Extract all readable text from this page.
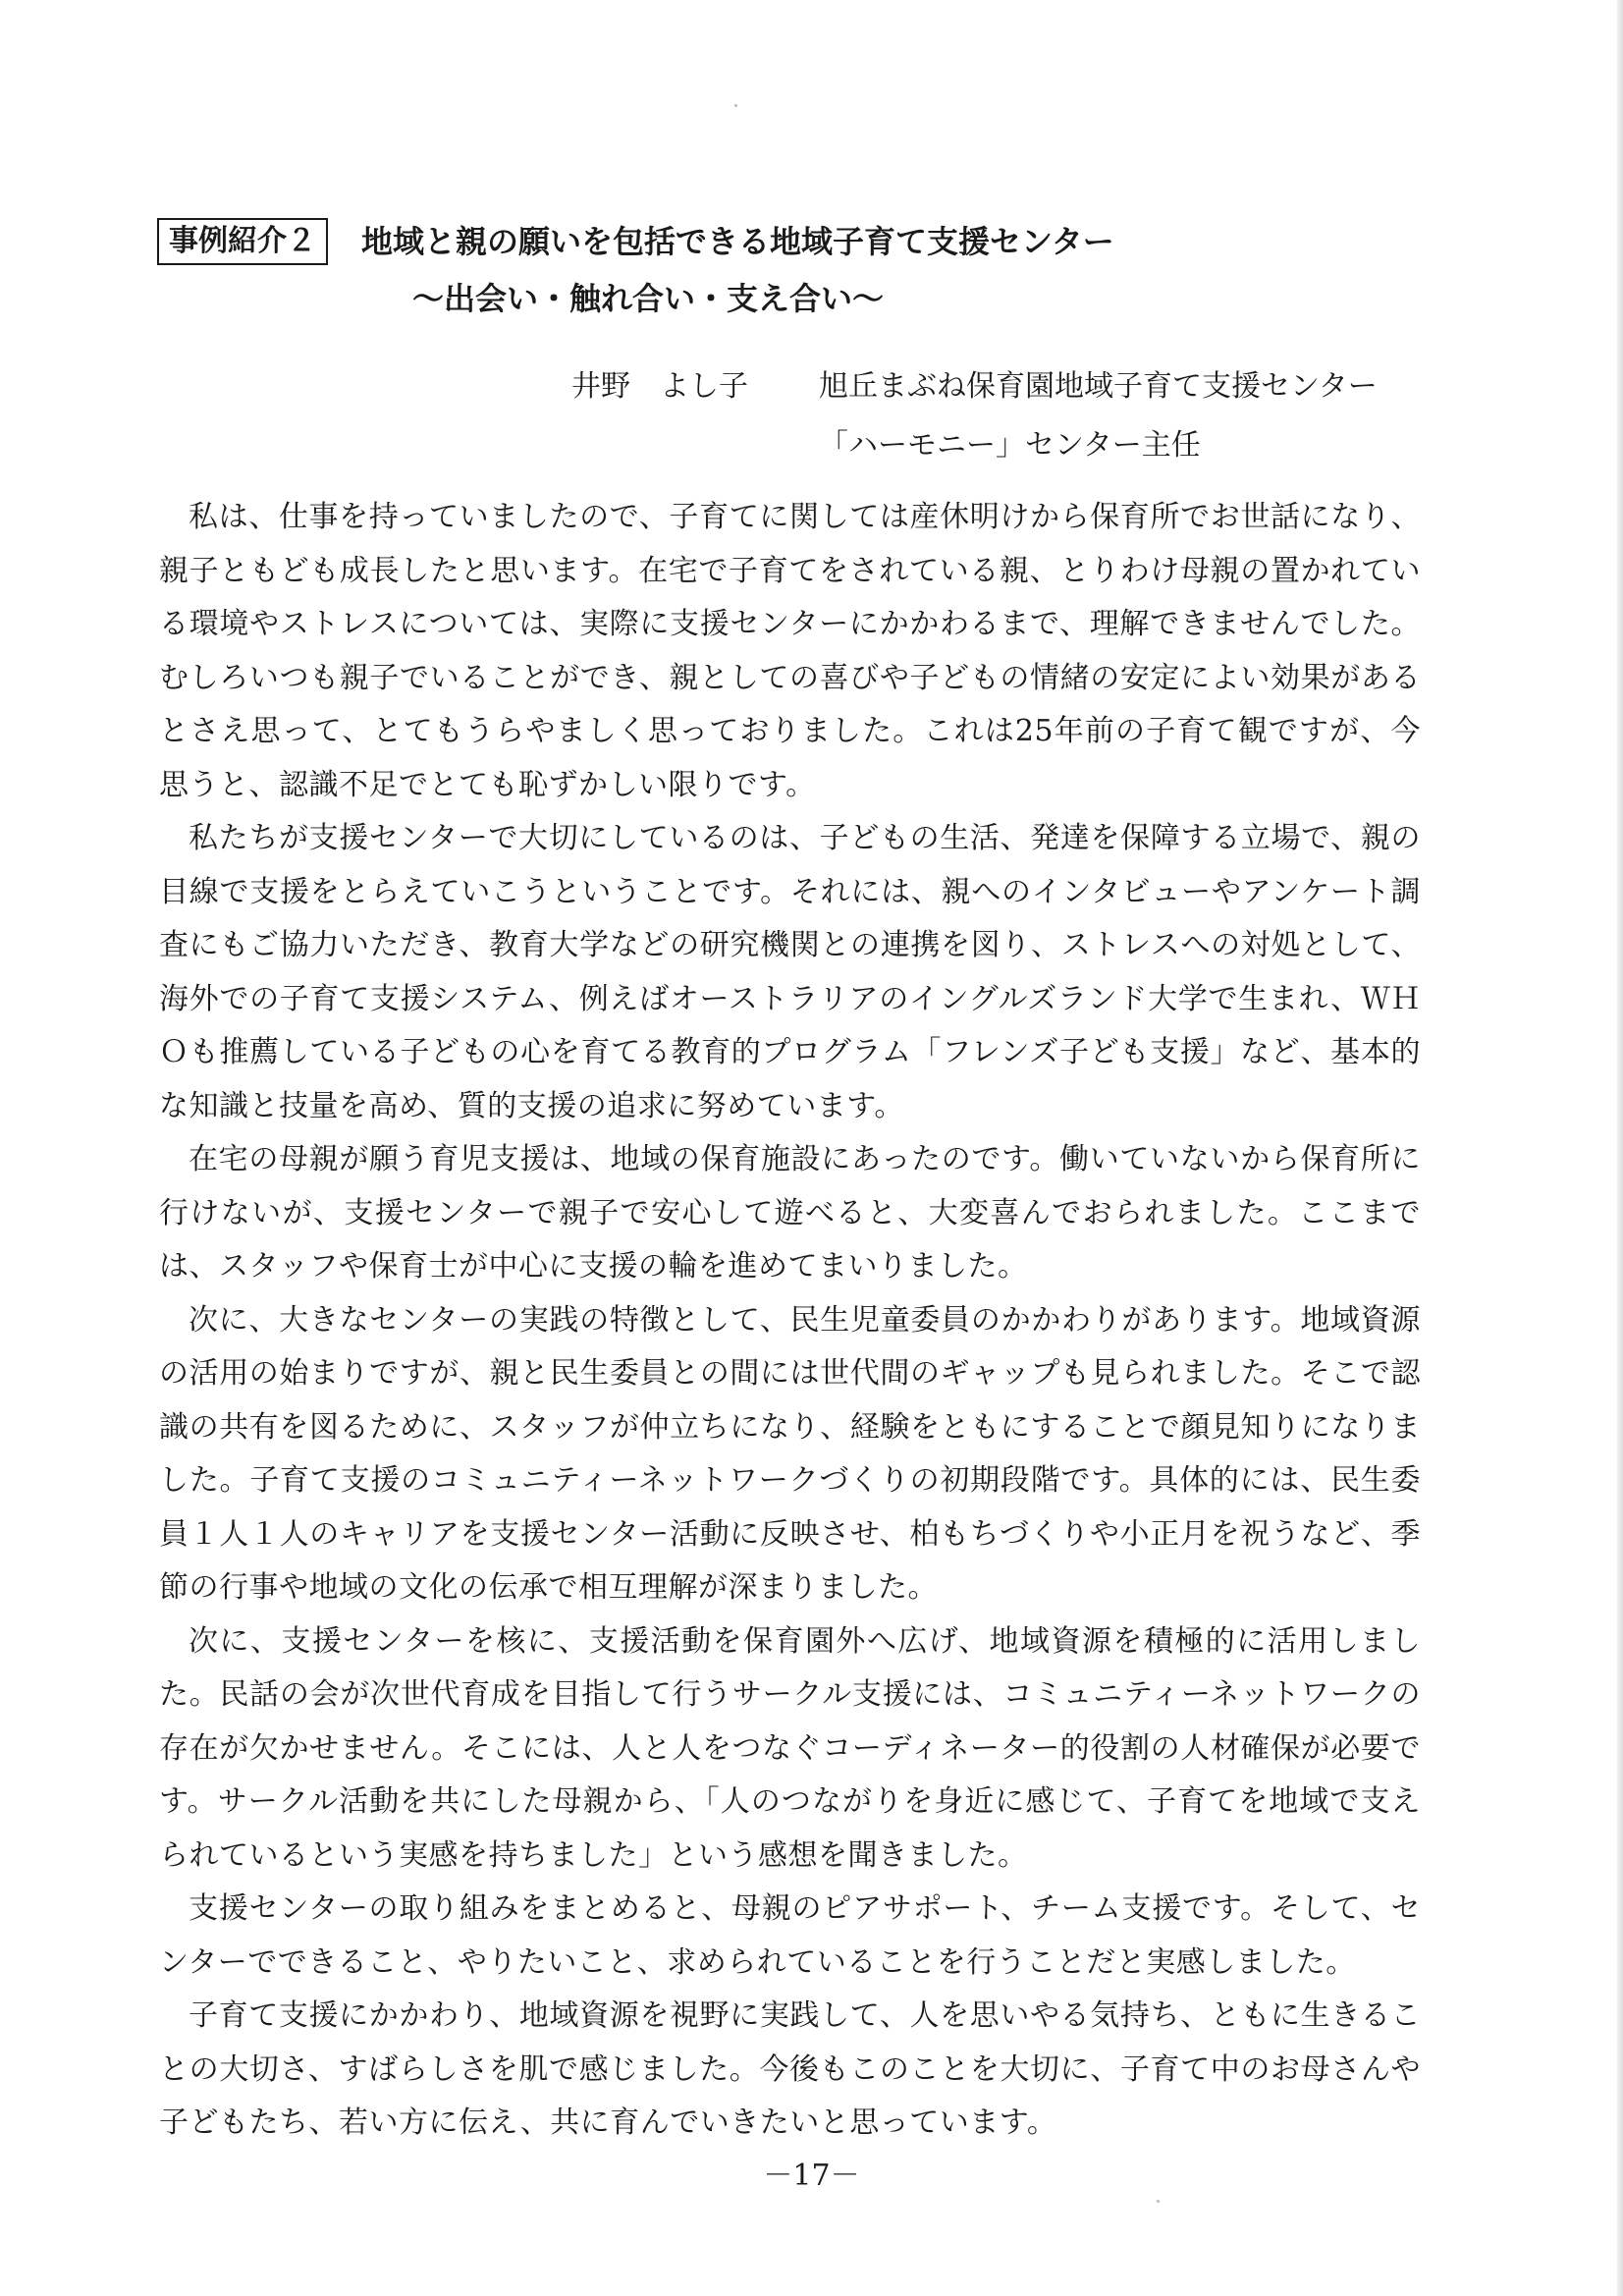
事例紹介２	地域と親の願いを包括できる地域子育て支援センター
〜出会い・触れ合い・支え合い〜
井野　よし子	旭丘まぶね保育園地域子育て支援センター
「ハーモニー」センター主任

私は、仕事を持っていましたので、子育てに関しては産休明けから保育所でお世話になり、親子ともども成長したと思います。在宅で子育てをされている親、とりわけ母親の置かれている環境やストレスについては、実際に支援センターにかかわるまで、理解できませんでした。むしろいつも親子でいることができ、親としての喜びや子どもの情緒の安定によい効果があるとさえ思って、とてもうらやましく思っておりました。これは25年前の子育て観ですが、今思うと、認識不足でとても恥ずかしい限りです。

私たちが支援センターで大切にしているのは、子どもの生活、発達を保障する立場で、親の目線で支援をとらえていこうということです。それには、親へのインタビューやアンケート調査にもご協力いただき、教育大学などの研究機関との連携を図り、ストレスへの対処として、海外での子育て支援システム、例えばオーストラリアのイングルズランド大学で生まれ、ＷＨＯも推薦している子どもの心を育てる教育的プログラム「フレンズ子ども支援」など、基本的な知識と技量を高め、質的支援の追求に努めています。

在宅の母親が願う育児支援は、地域の保育施設にあったのです。働いていないから保育所に行けないが、支援センターで親子で安心して遊べると、大変喜んでおられました。ここまでは、スタッフや保育士が中心に支援の輪を進めてまいりました。

次に、大きなセンターの実践の特徴として、民生児童委員のかかわりがあります。地域資源の活用の始まりですが、親と民生委員との間には世代間のギャップも見られました。そこで認識の共有を図るために、スタッフが仲立ちになり、経験をともにすることで顔見知りになりました。子育て支援のコミュニティーネットワークづくりの初期段階です。具体的には、民生委員１人１人のキャリアを支援センター活動に反映させ、柏もちづくりや小正月を祝うなど、季節の行事や地域の文化の伝承で相互理解が深まりました。

次に、支援センターを核に、支援活動を保育園外へ広げ、地域資源を積極的に活用しました。民話の会が次世代育成を目指して行うサークル支援には、コミュニティーネットワークの存在が欠かせません。そこには、人と人をつなぐコーディネーター的役割の人材確保が必要です。サークル活動を共にした母親から、「人のつながりを身近に感じて、子育てを地域で支えられているという実感を持ちました」という感想を聞きました。

支援センターの取り組みをまとめると、母親のピアサポート、チーム支援です。そして、センターでできること、やりたいこと、求められていることを行うことだと実感しました。

子育て支援にかかわり、地域資源を視野に実践して、人を思いやる気持ち、ともに生きることの大切さ、すばらしさを肌で感じました。今後もこのことを大切に、子育て中のお母さんや子どもたち、若い方に伝え、共に育んでいきたいと思っています。

－17－
